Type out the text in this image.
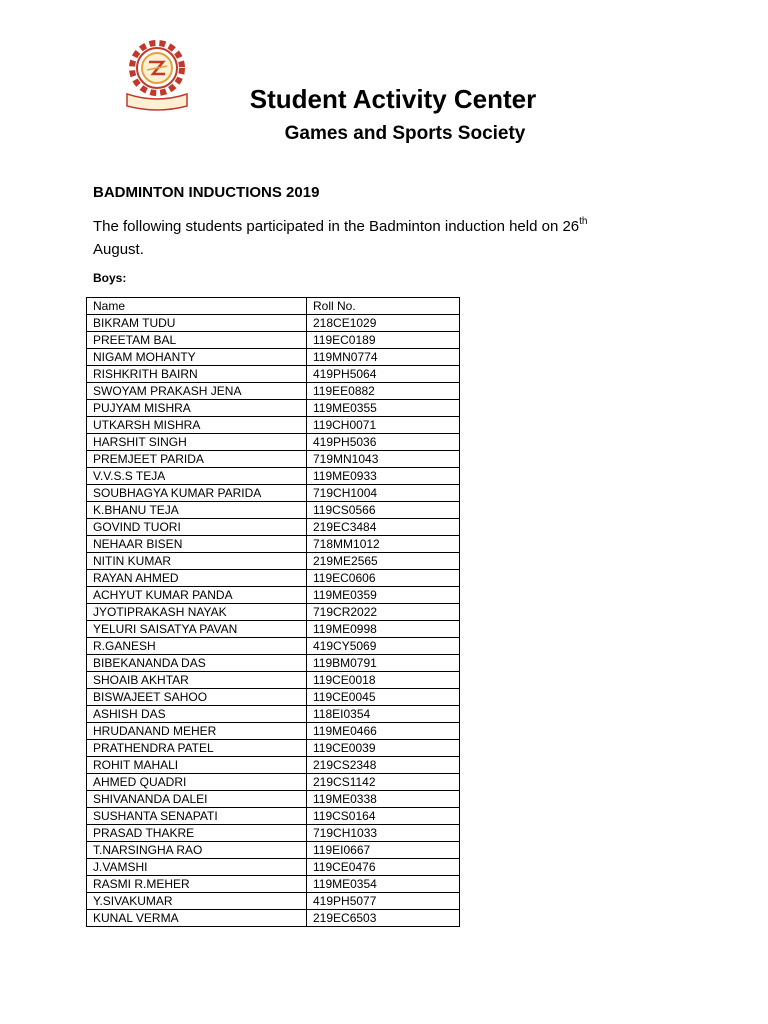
Student Activity Center
Games and Sports Society
BADMINTON INDUCTIONS 2019
The following students participated in the Badminton induction held on 26th
August.
Boys:
Name	Roll No.
BIKRAM TUDU	218CE1029
PREETAM BAL	119EC0189
NIGAM MOHANTY	119MN0774
RISHKRITH BAIRN	419PH5064
SWOYAM PRAKASH JENA	119EE0882
PUJYAM MISHRA	119ME0355
UTKARSH MISHRA	119CH0071
HARSHIT SINGH	419PH5036
PREMJEET PARIDA	719MN1043
V.V.S.S TEJA	119ME0933
SOUBHAGYA KUMAR PARIDA	719CH1004
K.BHANU TEJA	119CS0566
GOVIND TUORI	219EC3484
NEHAAR BISEN	718MM1012
NITIN KUMAR	219ME2565
RAYAN AHMED	119EC0606
ACHYUT KUMAR PANDA	119ME0359
JYOTIPRAKASH NAYAK	719CR2022
YELURI SAISATYA PAVAN	119ME0998
R.GANESH	419CY5069
BIBEKANANDA DAS	119BM0791
SHOAIB AKHTAR	119CE0018
BISWAJEET SAHOO	119CE0045
ASHISH DAS	118EI0354
HRUDANAND MEHER	119ME0466
PRATHENDRA PATEL	119CE0039
ROHIT MAHALI	219CS2348
AHMED QUADRI	219CS1142
SHIVANANDA DALEI	119ME0338
SUSHANTA SENAPATI	119CS0164
PRASAD THAKRE	719CH1033
T.NARSINGHA RAO	119EI0667
J.VAMSHI	119CE0476
RASMI R.MEHER	119ME0354
Y.SIVAKUMAR	419PH5077
KUNAL VERMA	219EC6503
